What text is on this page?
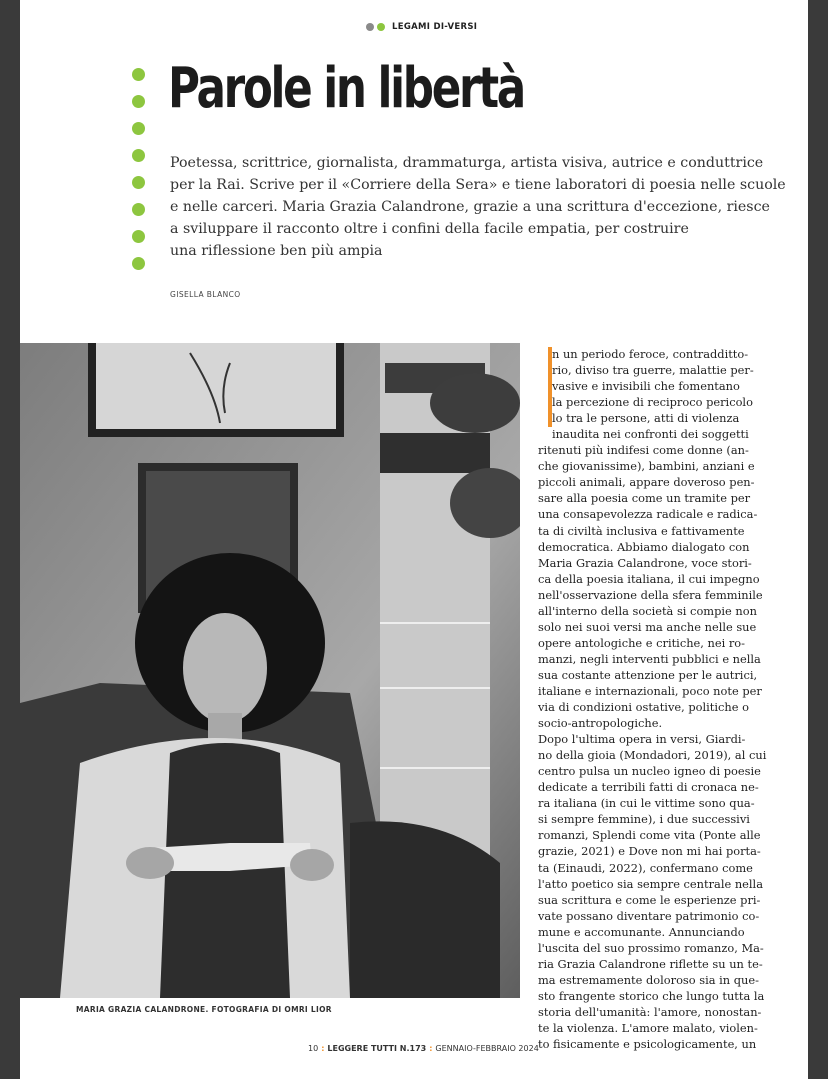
LEGAMI DI-VERSI
Parole in libertà
Poetessa, scrittrice, giornalista, drammaturga, artista visiva, autrice e conduttrice
per la Rai. Scrive per il «Corriere della Sera» e tiene laboratori di poesia nelle scuole
e nelle carceri. Maria Grazia Calandrone, grazie a una scrittura d'eccezione, riesce
a sviluppare il racconto oltre i confini della facile empatia, per costruire
una riflessione ben più ampia
GISELLA BLANCO
MARIA GRAZIA CALANDRONE. FOTOGRAFIA DI OMRI LIOR
n un periodo feroce, contradditto-
rio, diviso tra guerre, malattie per-
vasive e invisibili che fomentano
la percezione di reciproco pericolo
lo tra le persone, atti di violenza
inaudita nei confronti dei soggetti
ritenuti più indifesi come donne (an-
che giovanissime), bambini, anziani e
piccoli animali, appare doveroso pen-
sare alla poesia come un tramite per
una consapevolezza radicale e radica-
ta di civiltà inclusiva e fattivamente
democratica. Abbiamo dialogato con
Maria Grazia Calandrone, voce stori-
ca della poesia italiana, il cui impegno
nell'osservazione della sfera femminile
all'interno della società si compie non
solo nei suoi versi ma anche nelle sue
opere antologiche e critiche, nei ro-
manzi, negli interventi pubblici e nella
sua costante attenzione per le autrici,
italiane e internazionali, poco note per
via di condizioni ostative, politiche o
socio-antropologiche.
Dopo l'ultima opera in versi, Giardi-
no della gioia (Mondadori, 2019), al cui
centro pulsa un nucleo igneo di poesie
dedicate a terribili fatti di cronaca ne-
ra italiana (in cui le vittime sono qua-
si sempre femmine), i due successivi
romanzi, Splendi come vita (Ponte alle
grazie, 2021) e Dove non mi hai porta-
ta (Einaudi, 2022), confermano come
l'atto poetico sia sempre centrale nella
sua scrittura e come le esperienze pri-
vate possano diventare patrimonio co-
mune e accomunante. Annunciando
l'uscita del suo prossimo romanzo, Ma-
ria Grazia Calandrone riflette su un te-
ma estremamente doloroso sia in que-
sto frangente storico che lungo tutta la
storia dell'umanità: l'amore, nonostan-
te la violenza. L'amore malato, violen-
to fisicamente e psicologicamente, un
10 : LEGGERE TUTTI N.173 : GENNAIO-FEBBRAIO 2024
